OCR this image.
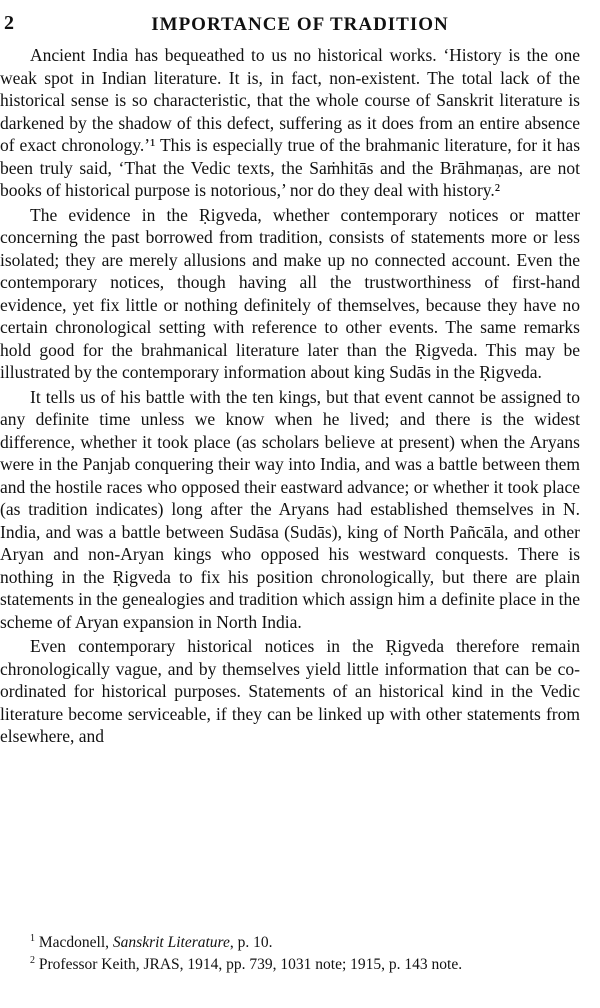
2	IMPORTANCE OF TRADITION

Ancient India has bequeathed to us no historical works. ‘History is the one weak spot in Indian literature. It is, in fact, non-existent. The total lack of the historical sense is so characteristic, that the whole course of Sanskrit literature is darkened by the shadow of this defect, suffering as it does from an entire absence of exact chronology.’¹ This is especially true of the brahmanic literature, for it has been truly said, ‘That the Vedic texts, the Saṁhitās and the Brāhmaṇas, are not books of historical purpose is notorious,’ nor do they deal with history.²

The evidence in the Ṛigveda, whether contemporary notices or matter concerning the past borrowed from tradition, consists of statements more or less isolated; they are merely allusions and make up no connected account. Even the contemporary notices, though having all the trustworthiness of first-hand evidence, yet fix little or nothing definitely of themselves, because they have no certain chronological setting with reference to other events. The same remarks hold good for the brahmanical literature later than the Ṛigveda. This may be illustrated by the contemporary information about king Sudās in the Ṛigveda.

It tells us of his battle with the ten kings, but that event cannot be assigned to any definite time unless we know when he lived; and there is the widest difference, whether it took place (as scholars believe at present) when the Aryans were in the Panjab conquering their way into India, and was a battle between them and the hostile races who opposed their eastward advance; or whether it took place (as tradition indicates) long after the Aryans had established themselves in N. India, and was a battle between Sudāsa (Sudās), king of North Pañcāla, and other Aryan and non-Aryan kings who opposed his westward conquests. There is nothing in the Ṛigveda to fix his position chronologically, but there are plain statements in the genealogies and tradition which assign him a definite place in the scheme of Aryan expansion in North India.

Even contemporary historical notices in the Ṛigveda therefore remain chronologically vague, and by themselves yield little information that can be co-ordinated for historical purposes. Statements of an historical kind in the Vedic literature become serviceable, if they can be linked up with other statements from elsewhere, and

$^1$ Macdonell, Sanskrit Literature, p. 10.

$^2$ Professor Keith, JRAS, 1914, pp. 739, 1031 note; 1915, p. 143 note.
